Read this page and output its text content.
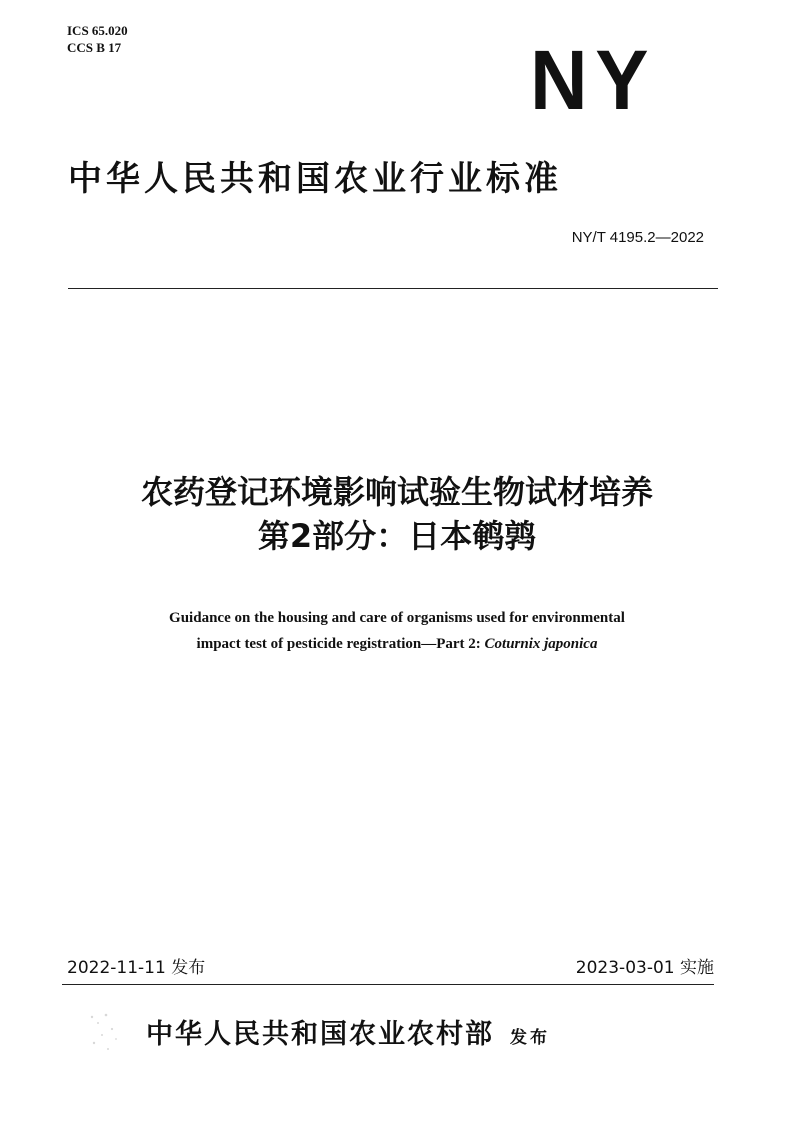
ICS 65.020
CCS B 17	NY
中华人民共和国农业行业标准
NY/T 4195.2—2022
农药登记环境影响试验生物试材培养
第2部分：日本鹌鹑
Guidance on the housing and care of organisms used for environmental
impact test of pesticide registration—Part 2: Coturnix japonica
2022-11-11 发布	2023-03-01 实施
中华人民共和国农业农村部 发布
